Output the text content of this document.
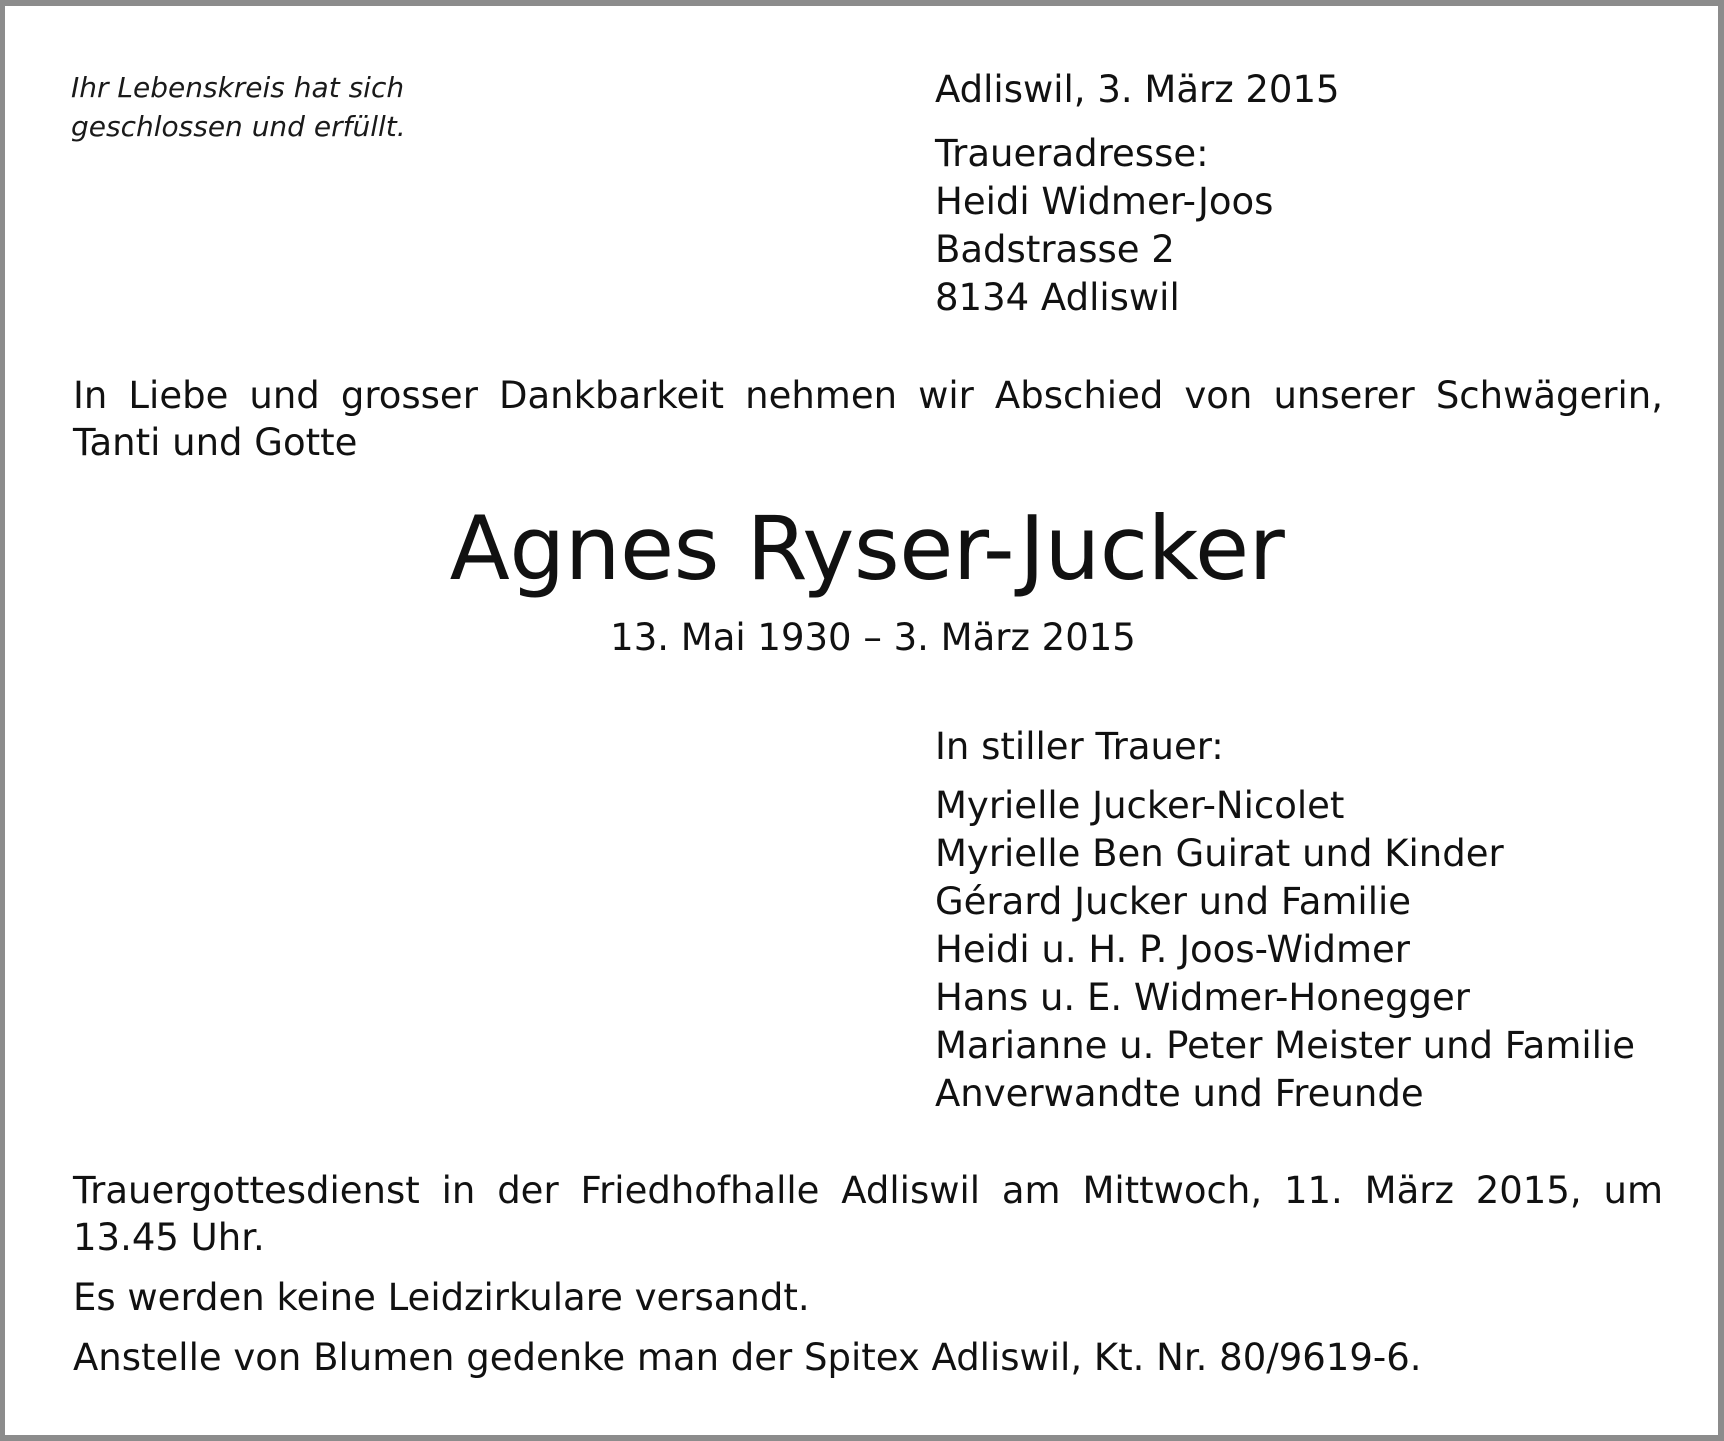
Ihr Lebenskreis hat sich
geschlossen und erfüllt.
Adliswil, 3. März 2015
Traueradresse:
Heidi Widmer-Joos
Badstrasse 2
8134 Adliswil
In Liebe und grosser Dankbarkeit nehmen wir Abschied von unserer Schwägerin, Tanti und Gotte
Agnes Ryser-Jucker
13. Mai 1930 – 3. März 2015
In stiller Trauer:
Myrielle Jucker-Nicolet
Myrielle Ben Guirat und Kinder
Gérard Jucker und Familie
Heidi u. H. P. Joos-Widmer
Hans u. E. Widmer-Honegger
Marianne u. Peter Meister und Familie
Anverwandte und Freunde
Trauergottesdienst in der Friedhofhalle Adliswil am Mittwoch, 11. März 2015, um 13.45 Uhr.
Es werden keine Leidzirkulare versandt.
Anstelle von Blumen gedenke man der Spitex Adliswil, Kt. Nr. 80/9619-6.
